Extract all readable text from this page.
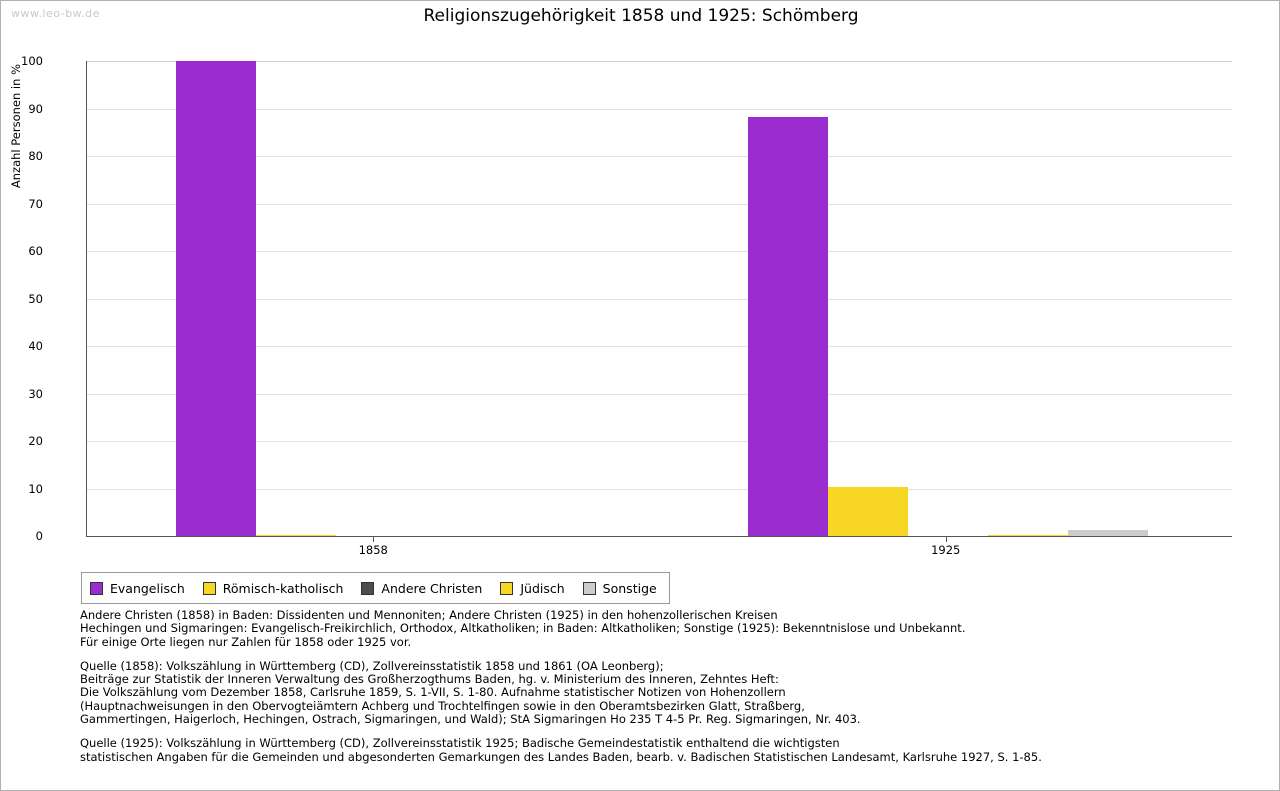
www.leo-bw.de	Religionszugehörigkeit 1858 und 1925: Schömberg
Anzahl Personen in %
0
10
20
30
40
50
60
70
80
90
100
1858	1925
Evangelisch	Römisch-katholisch	Andere Christen	Jüdisch	Sonstige

Andere Christen (1858) in Baden: Dissidenten und Mennoniten; Andere Christen (1925) in den hohenzollerischen Kreisen
Hechingen und Sigmaringen: Evangelisch-Freikirchlich, Orthodox, Altkatholiken; in Baden: Altkatholiken; Sonstige (1925): Bekenntnislose und Unbekannt.
Für einige Orte liegen nur Zahlen für 1858 oder 1925 vor.

Quelle (1858): Volkszählung in Württemberg (CD), Zollvereinsstatistik 1858 und 1861 (OA Leonberg);
Beiträge zur Statistik der Inneren Verwaltung des Großherzogthums Baden, hg. v. Ministerium des Inneren, Zehntes Heft:
Die Volkszählung vom Dezember 1858, Carlsruhe 1859, S. 1-VII, S. 1-80. Aufnahme statistischer Notizen von Hohenzollern
(Hauptnachweisungen in den Obervogteiämtern Achberg und Trochtelfingen sowie in den Oberamtsbezirken Glatt, Straßberg,
Gammertingen, Haigerloch, Hechingen, Ostrach, Sigmaringen, und Wald); StA Sigmaringen Ho 235 T 4-5 Pr. Reg. Sigmaringen, Nr. 403.

Quelle (1925): Volkszählung in Württemberg (CD), Zollvereinsstatistik 1925; Badische Gemeindestatistik enthaltend die wichtigsten
statistischen Angaben für die Gemeinden und abgesonderten Gemarkungen des Landes Baden, bearb. v. Badischen Statistischen Landesamt, Karlsruhe 1927, S. 1-85.
